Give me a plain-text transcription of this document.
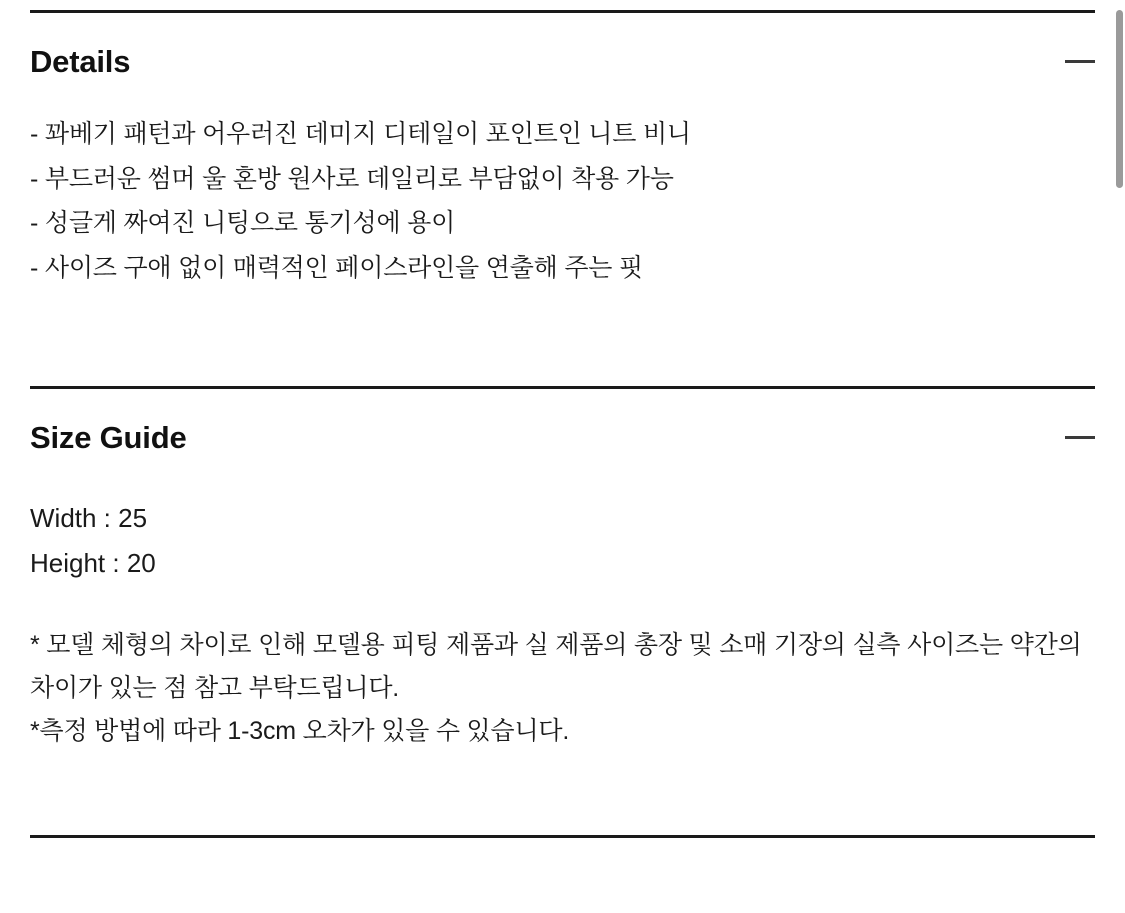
Details
- 꽈베기 패턴과 어우러진 데미지 디테일이 포인트인 니트 비니
- 부드러운 썸머 울 혼방 원사로 데일리로 부담없이 착용 가능
- 성글게 짜여진 니팅으로 통기성에 용이
- 사이즈 구애 없이 매력적인 페이스라인을 연출해 주는 핏
Size Guide
Width : 25
Height : 20
* 모델 체형의 차이로 인해 모델용 피팅 제품과 실 제품의 총장 및 소매 기장의 실측 사이즈는 약간의 차이가 있는 점 참고 부탁드립니다.
*측정 방법에 따라 1-3cm 오차가 있을 수 있습니다.
